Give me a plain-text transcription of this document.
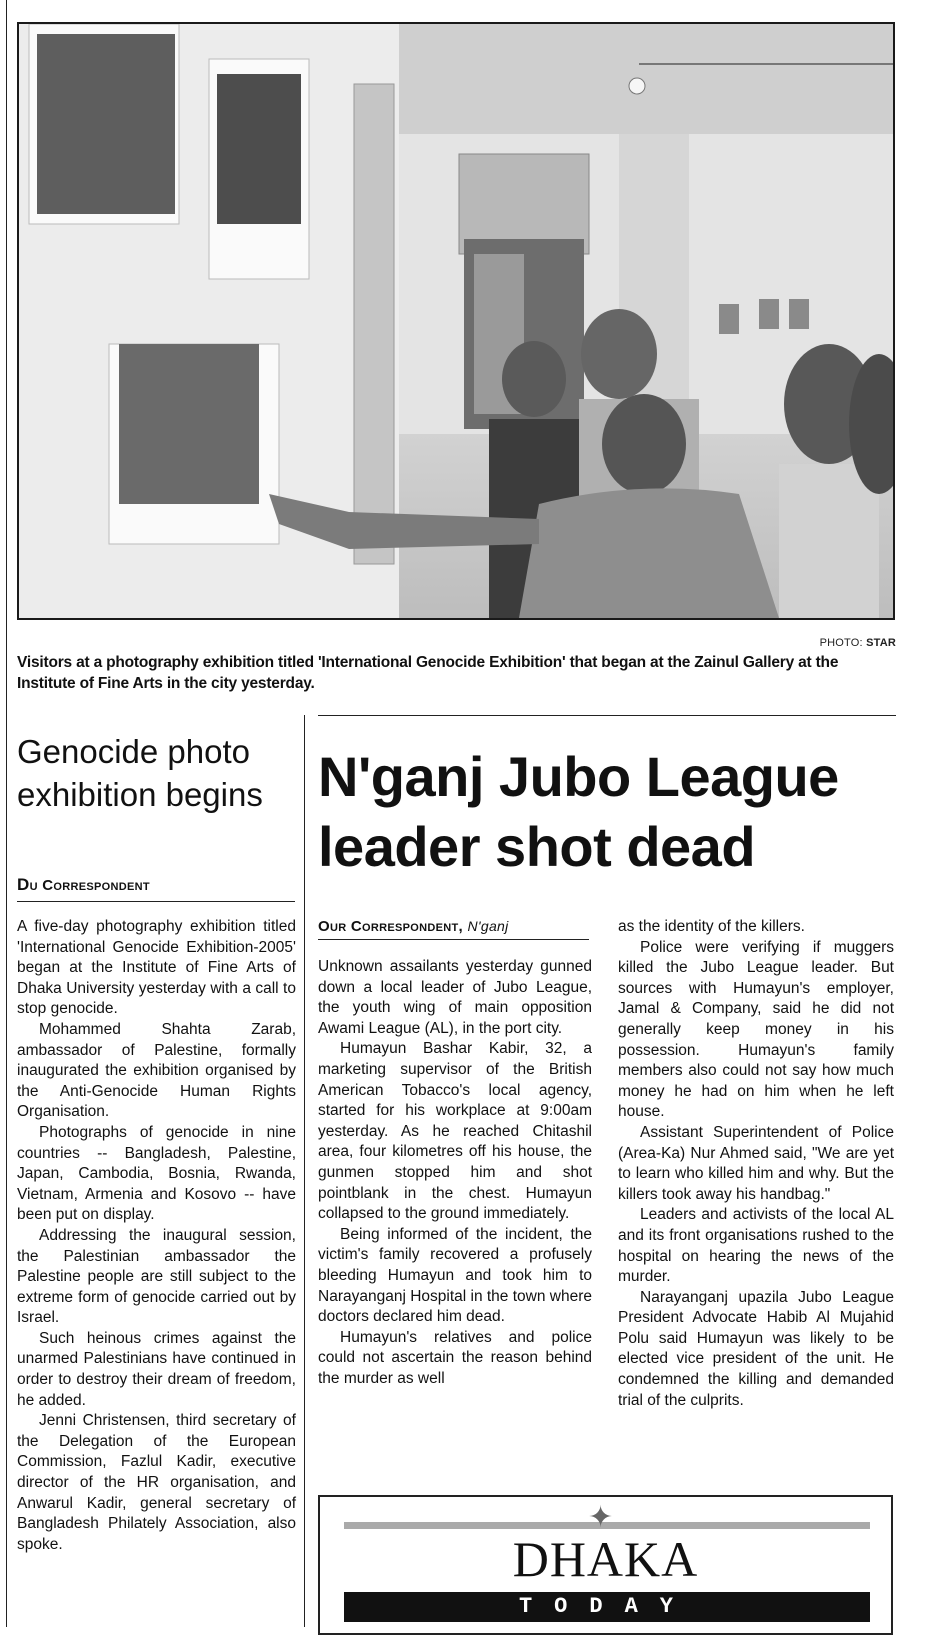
PHOTO: STAR
Visitors at a photography exhibition titled 'International Genocide Exhibition' that began at the Zainul Gallery at the Institute of Fine Arts in the city yesterday.
Genocide photo exhibition begins
Du Correspondent

A five-day photography exhibition titled 'International Genocide Exhibition-2005' began at the Institute of Fine Arts of Dhaka University yesterday with a call to stop genocide.

Mohammed Shahta Zarab, ambassador of Palestine, formally inaugurated the exhibition organised by the Anti-Genocide Human Rights Organisation.

Photographs of genocide in nine countries -- Bangladesh, Palestine, Japan, Cambodia, Bosnia, Rwanda, Vietnam, Armenia and Kosovo -- have been put on display.

Addressing the inaugural session, the Palestinian ambassador the Palestine people are still subject to the extreme form of genocide carried out by Israel.

Such heinous crimes against the unarmed Palestinians have continued in order to destroy their dream of freedom, he added.

Jenni Christensen, third secretary of the Delegation of the European Commission, Fazlul Kadir, executive director of the HR organisation, and Anwarul Kadir, general secretary of Bangladesh Philately Association, also spoke.

N'ganj Jubo League leader shot dead
Our Correspondent, N'ganj

Unknown assailants yesterday gunned down a local leader of Jubo League, the youth wing of main opposition Awami League (AL), in the port city.

Humayun Bashar Kabir, 32, a marketing supervisor of the British American Tobacco's local agency, started for his workplace at 9:00am yesterday. As he reached Chitashil area, four kilometres off his house, the gunmen stopped him and shot pointblank in the chest. Humayun collapsed to the ground immediately.

Being informed of the incident, the victim's family recovered a profusely bleeding Humayun and took him to Narayanganj Hospital in the town where doctors declared him dead.

Humayun's relatives and police could not ascertain the reason behind the murder as well

as the identity of the killers.

Police were verifying if muggers killed the Jubo League leader. But sources with Humayun's employer, Jamal & Company, said he did not generally keep money in his possession. Humayun's family members also could not say how much money he had on him when he left house.

Assistant Superintendent of Police (Area-Ka) Nur Ahmed said, "We are yet to learn who killed him and why. But the killers took away his handbag."

Leaders and activists of the local AL and its front organisations rushed to the hospital on hearing the news of the murder.

Narayanganj upazila Jubo League President Advocate Habib Al Mujahid Polu said Humayun was likely to be elected vice president of the unit. He condemned the killing and demanded trial of the culprits.

✦
DHAKA
TODAY
